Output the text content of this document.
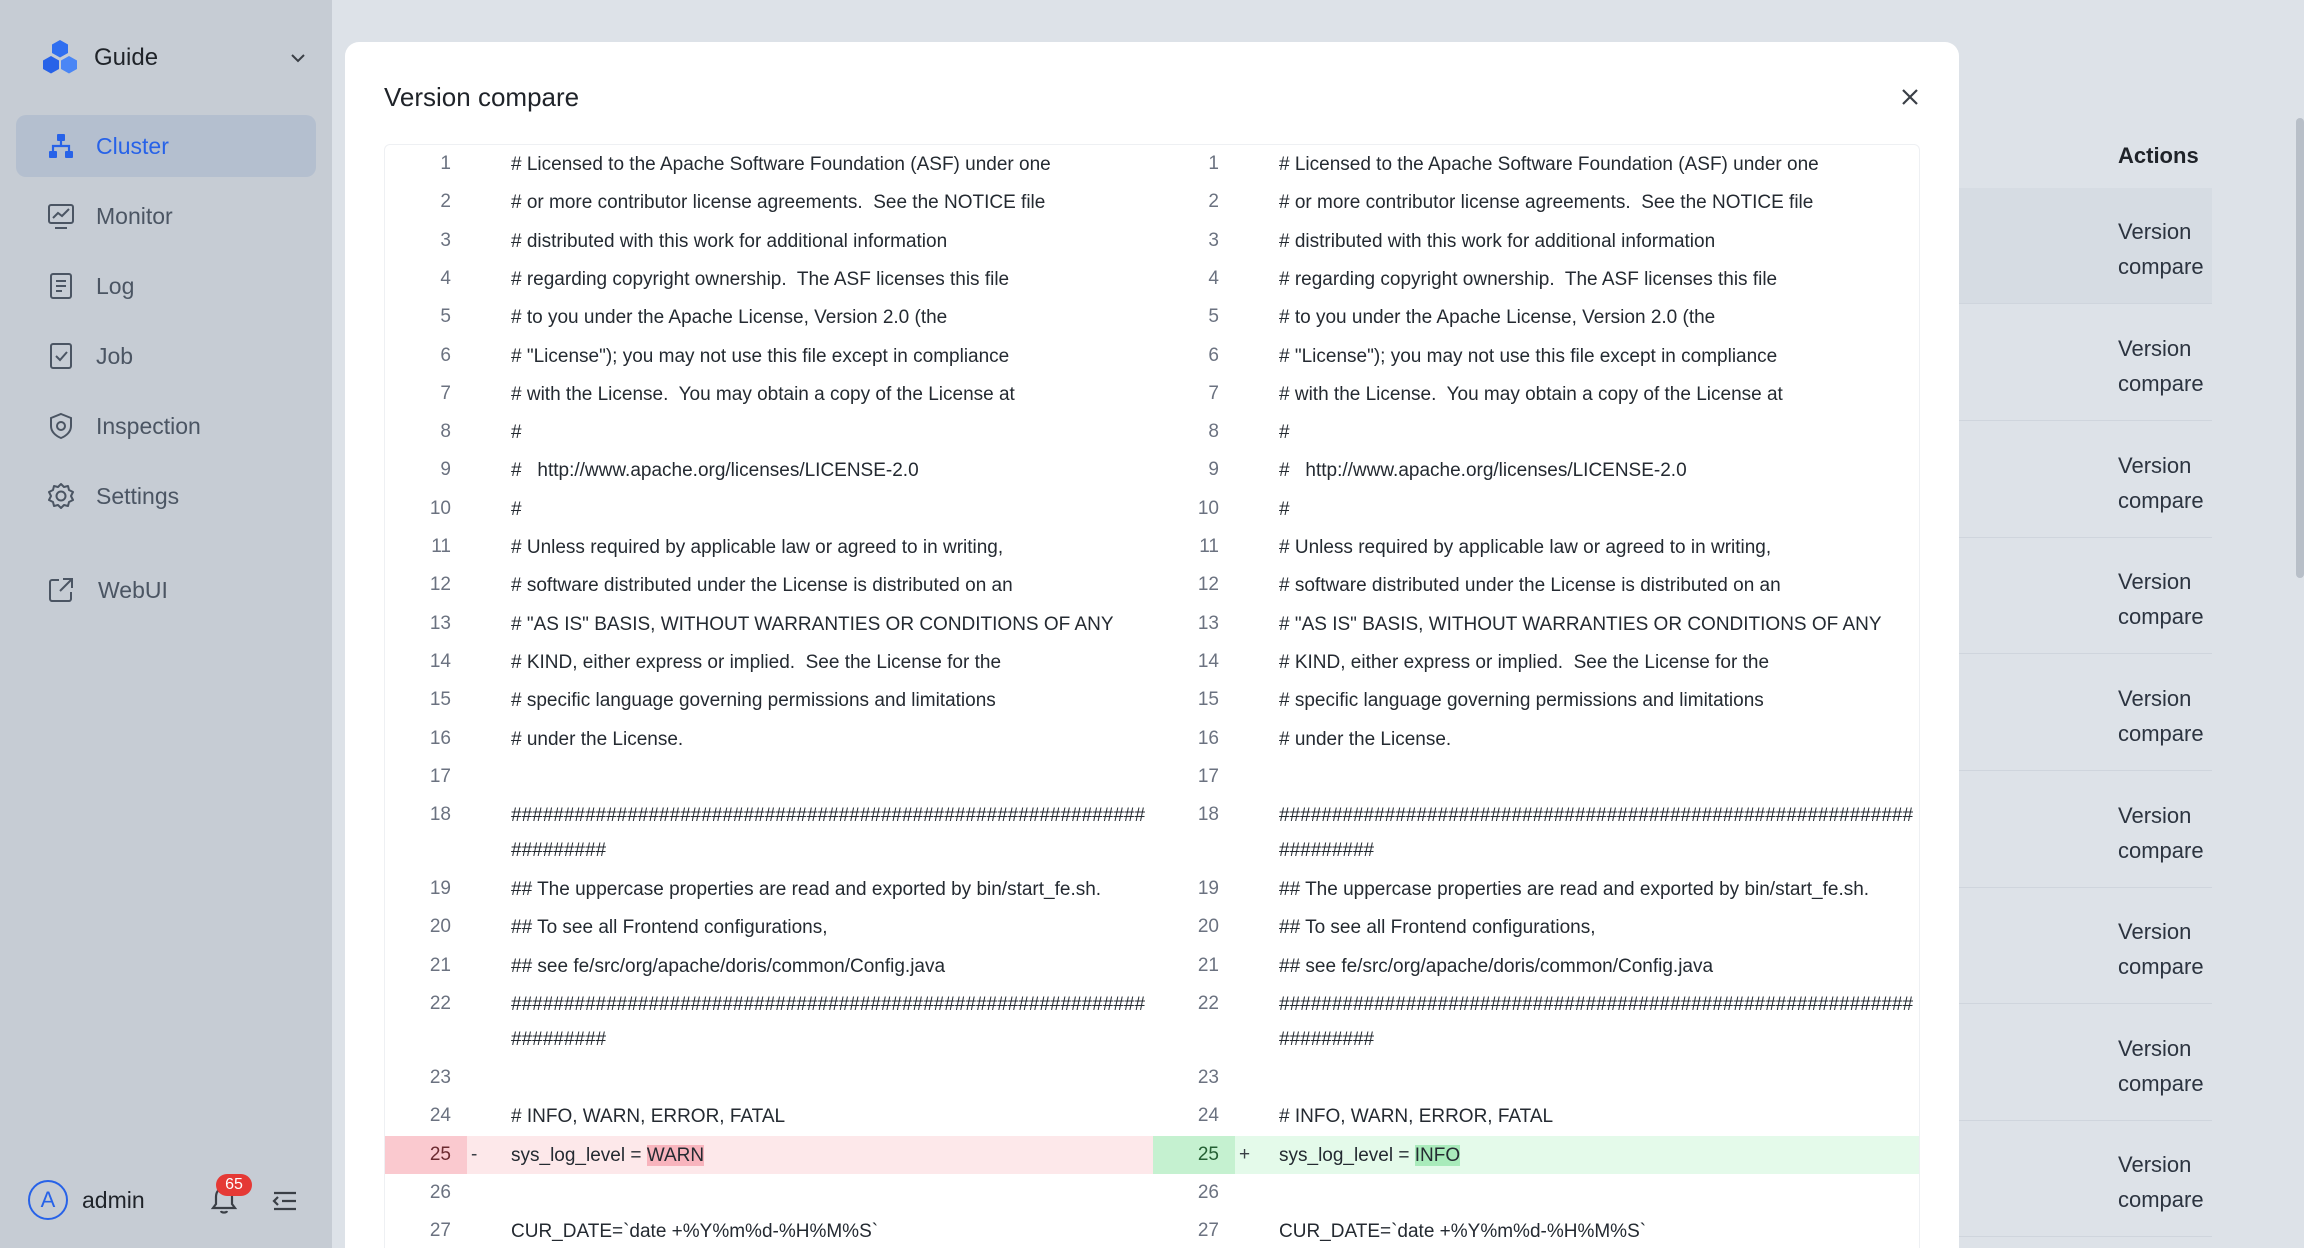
Guide
Cluster
Monitor
Log
Job
Inspection
Settings
WebUI
A	admin
65
Actions
Version compare
Version compare
Version compare
Version compare
Version compare
Version compare
Version compare
Version compare
Version compare
Version compare
1	# Licensed to the Apache Software Foundation (ASF) under one
2	# or more contributor license agreements.  See the NOTICE file
3	# distributed with this work for additional information
4	# regarding copyright ownership.  The ASF licenses this file
5	# to you under the Apache License, Version 2.0 (the
6	# "License"); you may not use this file except in compliance
7	# with the License.  You may obtain a copy of the License at
8	#
9	#   http://www.apache.org/licenses/LICENSE-2.0
10	#
11	# Unless required by applicable law or agreed to in writing,
12	# software distributed under the License is distributed on an
13	# "AS IS" BASIS, WITHOUT WARRANTIES OR CONDITIONS OF ANY
14	# KIND, either express or implied.  See the License for the
15	# specific language governing permissions and limitations
16	# under the License.
17
18	#####################################################################
19	## The uppercase properties are read and exported by bin/start_fe.sh.
20	## To see all Frontend configurations,
21	## see fe/src/org/apache/doris/common/Config.java
22	#####################################################################
23
24	# INFO, WARN, ERROR, FATAL
25	-	sys_log_level = WARN
26
27	CUR_DATE=`date +%Y%m%d-%H%M%S`
1	# Licensed to the Apache Software Foundation (ASF) under one
2	# or more contributor license agreements.  See the NOTICE file
3	# distributed with this work for additional information
4	# regarding copyright ownership.  The ASF licenses this file
5	# to you under the Apache License, Version 2.0 (the
6	# "License"); you may not use this file except in compliance
7	# with the License.  You may obtain a copy of the License at
8	#
9	#   http://www.apache.org/licenses/LICENSE-2.0
10	#
11	# Unless required by applicable law or agreed to in writing,
12	# software distributed under the License is distributed on an
13	# "AS IS" BASIS, WITHOUT WARRANTIES OR CONDITIONS OF ANY
14	# KIND, either express or implied.  See the License for the
15	# specific language governing permissions and limitations
16	# under the License.
17
18	#####################################################################
19	## The uppercase properties are read and exported by bin/start_fe.sh.
20	## To see all Frontend configurations,
21	## see fe/src/org/apache/doris/common/Config.java
22	#####################################################################
23
24	# INFO, WARN, ERROR, FATAL
25	+	sys_log_level = INFO
26
27	CUR_DATE=`date +%Y%m%d-%H%M%S`
